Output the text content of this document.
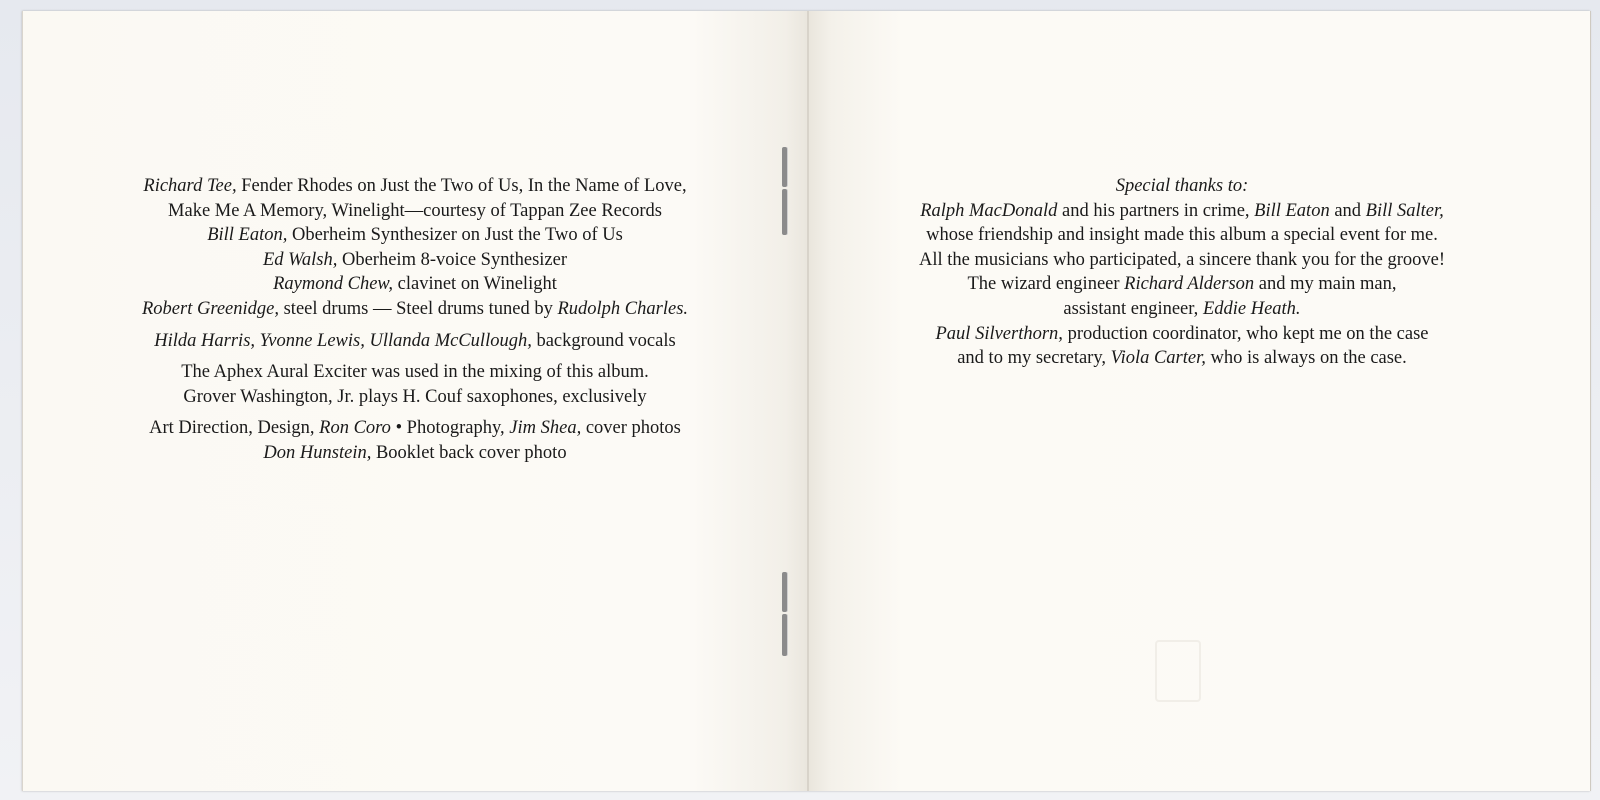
Richard Tee, Fender Rhodes on Just the Two of Us, In the Name of Love,
Make Me A Memory, Winelight—courtesy of Tappan Zee Records
Bill Eaton, Oberheim Synthesizer on Just the Two of Us
Ed Walsh, Oberheim 8-voice Synthesizer
Raymond Chew, clavinet on Winelight
Robert Greenidge, steel drums — Steel drums tuned by Rudolph Charles.
Hilda Harris, Yvonne Lewis, Ullanda McCullough, background vocals
The Aphex Aural Exciter was used in the mixing of this album.
Grover Washington, Jr. plays H. Couf saxophones, exclusively
Art Direction, Design, Ron Coro • Photography, Jim Shea, cover photos
Don Hunstein, Booklet back cover photo
Special thanks to:
Ralph MacDonald and his partners in crime, Bill Eaton and Bill Salter,
whose friendship and insight made this album a special event for me.
All the musicians who participated, a sincere thank you for the groove!
The wizard engineer Richard Alderson and my main man,
assistant engineer, Eddie Heath.
Paul Silverthorn, production coordinator, who kept me on the case
and to my secretary, Viola Carter, who is always on the case.
